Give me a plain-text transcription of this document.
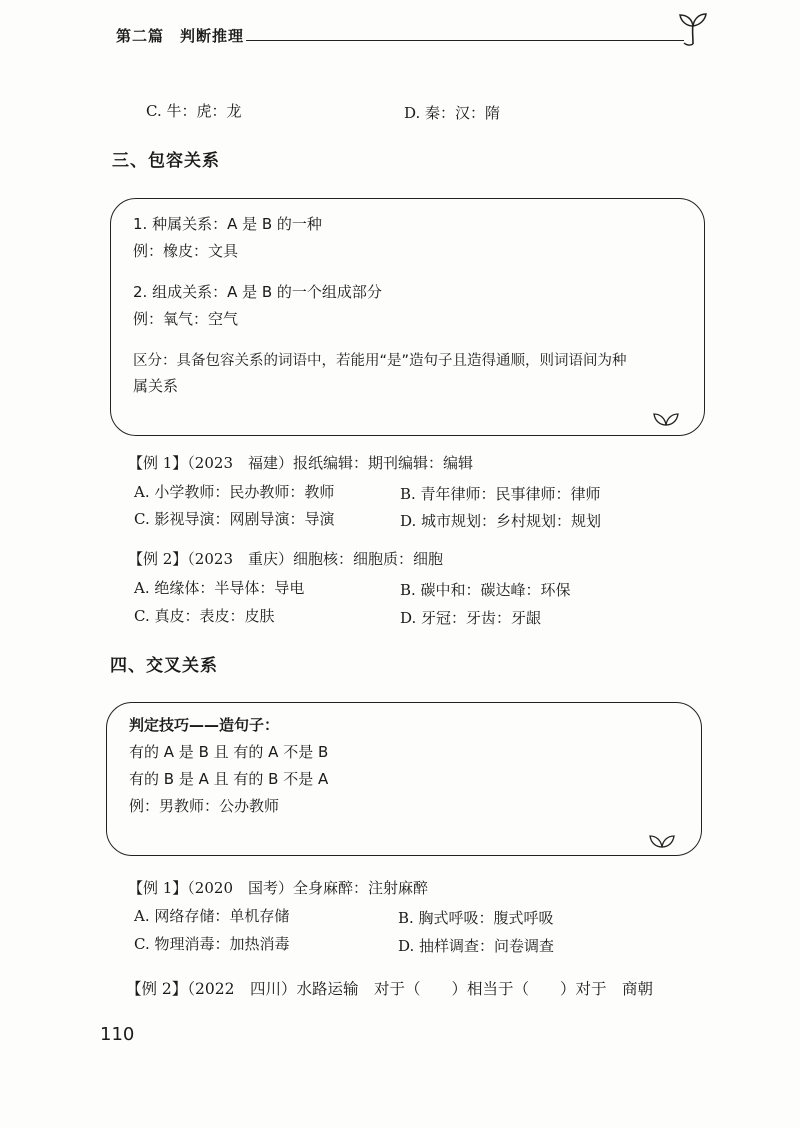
第二篇　判断推理
C. 牛：虎：龙	D. 秦：汉：隋
三、包容关系
1. 种属关系：A 是 B 的一种
例：橡皮：文具
2. 组成关系：A 是 B 的一个组成部分
例：氧气：空气
区分：具备包容关系的词语中，若能用“是”造句子且造得通顺，则词语间为种
属关系
【例 1】（2023　福建）报纸编辑：期刊编辑：编辑
A. 小学教师：民办教师：教师	B. 青年律师：民事律师：律师
C. 影视导演：网剧导演：导演	D. 城市规划：乡村规划：规划
【例 2】（2023　重庆）细胞核：细胞质：细胞
A. 绝缘体：半导体：导电	B. 碳中和：碳达峰：环保
C. 真皮：表皮：皮肤	D. 牙冠：牙齿：牙龈
四、交叉关系
判定技巧——造句子：
有的 A 是 B 且 有的 A 不是 B
有的 B 是 A 且 有的 B 不是 A
例：男教师：公办教师
【例 1】（2020　国考）全身麻醉：注射麻醉
A. 网络存储：单机存储	B. 胸式呼吸：腹式呼吸
C. 物理消毒：加热消毒	D. 抽样调查：问卷调查
【例 2】（2022　四川）水路运输　对于（　　）相当于（　　）对于　商朝
110
